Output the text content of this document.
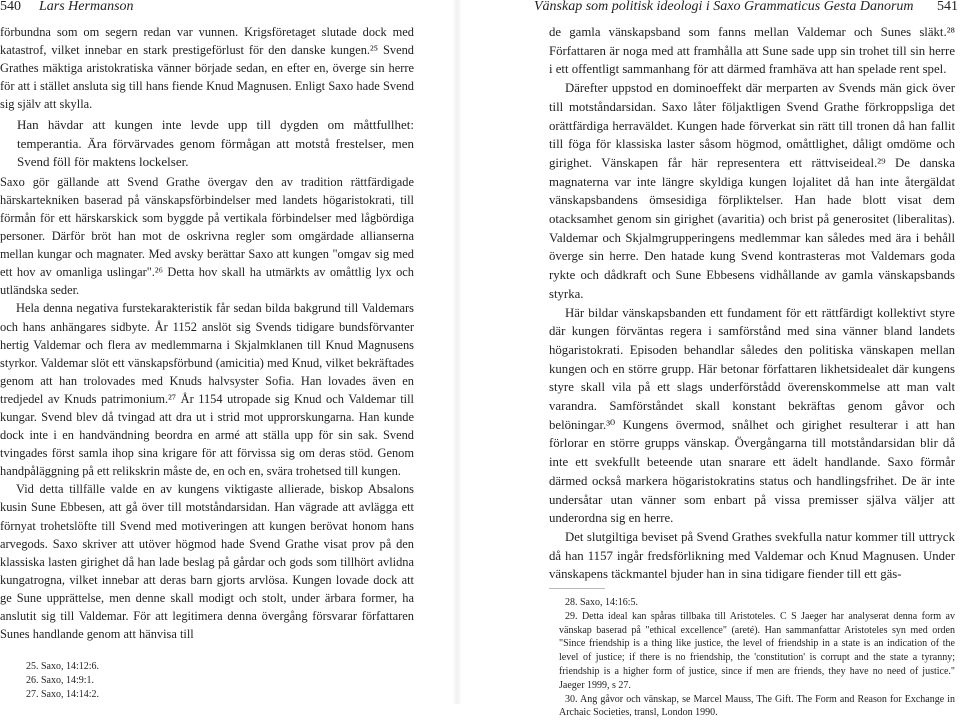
540 Lars Hermanson

förbundna som om segern redan var vunnen. Krigsföretaget slutade dock med katastrof, vilket innebar en stark prestigeförlust för den danske kungen.²⁵ Svend Grathes mäktiga aristokratiska vänner började sedan, en efter en, överge sin herre för att i stället ansluta sig till hans fiende Knud Magnusen. Enligt Saxo hade Svend sig själv att skylla.

Han hävdar att kungen inte levde upp till dygden om måttfullhet: temperantia. Ära förvärvades genom förmågan att motstå frestelser, men Svend föll för maktens lockelser.

Saxo gör gällande att Svend Grathe övergav den av tradition rättfärdigade härskartekniken baserad på vänskapsförbindelser med landets högaristokrati, till förmån för ett härskarskick som byggde på vertikala förbindelser med lågbördiga personer. Därför bröt han mot de oskrivna regler som omgärdade allianserna mellan kungar och magnater. Med avsky berättar Saxo att kungen "omgav sig med ett hov av omanliga uslingar".²⁶ Detta hov skall ha utmärkts av omåttlig lyx och utländska seder.

Hela denna negativa furstekarakteristik får sedan bilda bakgrund till Valdemars och hans anhängares sidbyte. År 1152 anslöt sig Svends tidigare bundsförvanter hertig Valdemar och flera av medlemmarna i Skjalmklanen till Knud Magnusens styrkor. Valdemar slöt ett vänskapsförbund (amicitia) med Knud, vilket bekräftades genom att han trolovades med Knuds halvsyster Sofia. Han lovades även en tredjedel av Knuds patrimonium.²⁷ År 1154 utropade sig Knud och Valdemar till kungar. Svend blev då tvingad att dra ut i strid mot upprorskungarna. Han kunde dock inte i en handvändning beordra en armé att ställa upp för sin sak. Svend tvingades först samla ihop sina krigare för att förvissa sig om deras stöd. Genom handpåläggning på ett relikskrin måste de, en och en, svära trohetsed till kungen.

Vid detta tillfälle valde en av kungens viktigaste allierade, biskop Absalons kusin Sune Ebbesen, att gå över till motståndarsidan. Han vägrade att avlägga ett förnyat trohetslöfte till Svend med motiveringen att kungen berövat honom hans arvegods. Saxo skriver att utöver högmod hade Svend Grathe visat prov på den klassiska lasten girighet då han lade beslag på gårdar och gods som tillhört avlidna kungatrogna, vilket innebar att deras barn gjorts arvlösa. Kungen lovade dock att ge Sune upprättelse, men denne skall modigt och stolt, under ärbara former, ha anslutit sig till Valdemar. För att legitimera denna övergång försvarar författaren Sunes handlande genom att hänvisa till

25. Saxo, 14:12:6.

26. Saxo, 14:9:1.

27. Saxo, 14:14:2.

Vänskap som politisk ideologi i Saxo Grammaticus Gesta Danorum 541

de gamla vänskapsband som fanns mellan Valdemar och Sunes släkt.²⁸ Författaren är noga med att framhålla att Sune sade upp sin trohet till sin herre i ett offentligt sammanhang för att därmed framhäva att han spelade rent spel.

Därefter uppstod en dominoeffekt där merparten av Svends män gick över till motståndarsidan. Saxo låter följaktligen Svend Grathe förkroppsliga det orättfärdiga herraväldet. Kungen hade förverkat sin rätt till tronen då han fallit till föga för klassiska laster såsom högmod, omåttlighet, dåligt omdöme och girighet. Vänskapen får här representera ett rättviseideal.²⁹ De danska magnaterna var inte längre skyldiga kungen lojalitet då han inte återgäldat vänskapsbandens ömsesidiga förpliktelser. Han hade blott visat dem otacksamhet genom sin girighet (avaritia) och brist på generositet (liberalitas). Valdemar och Skjalmgrupperingens medlemmar kan således med ära i behåll överge sin herre. Den hatade kung Svend kontrasteras mot Valdemars goda rykte och dådkraft och Sune Ebbesens vidhållande av gamla vänskapsbands styrka.

Här bildar vänskapsbanden ett fundament för ett rättfärdigt kollektivt styre där kungen förväntas regera i samförstånd med sina vänner bland landets högaristokrati. Episoden behandlar således den politiska vänskapen mellan kungen och en större grupp. Här betonar författaren likhetsidealet där kungens styre skall vila på ett slags underförstådd överenskommelse att man valt varandra. Samförståndet skall konstant bekräftas genom gåvor och belöningar.³⁰ Kungens övermod, snålhet och girighet resulterar i att han förlorar en större grupps vänskap. Övergångarna till motståndarsidan blir då inte ett svekfullt beteende utan snarare ett ädelt handlande. Saxo förmår därmed också markera högaristokratins status och handlingsfrihet. De är inte undersåtar utan vänner som enbart på vissa premisser själva väljer att underordna sig en herre.

Det slutgiltiga beviset på Svend Grathes svekfulla natur kommer till uttryck då han 1157 ingår fredsförlikning med Valdemar och Knud Magnusen. Under vänskapens täckmantel bjuder han in sina tidigare fiender till ett gäs-

28. Saxo, 14:16:5.

29. Detta ideal kan spåras tillbaka till Aristoteles. C S Jaeger har analyserat denna form av vänskap baserad på "ethical excellence" (areté). Han sammanfattar Aristoteles syn med orden "Since friendship is a thing like justice, the level of friendship in a state is an indication of the level of justice; if there is no friendship, the 'constitution' is corrupt and the state a tyranny; friendship is a higher form of justice, since if men are friends, they have no need of justice." Jaeger 1999, s 27.

30. Ang gåvor och vänskap, se Marcel Mauss, The Gift. The Form and Reason for Exchange in Archaic Societies, transl, London 1990.
